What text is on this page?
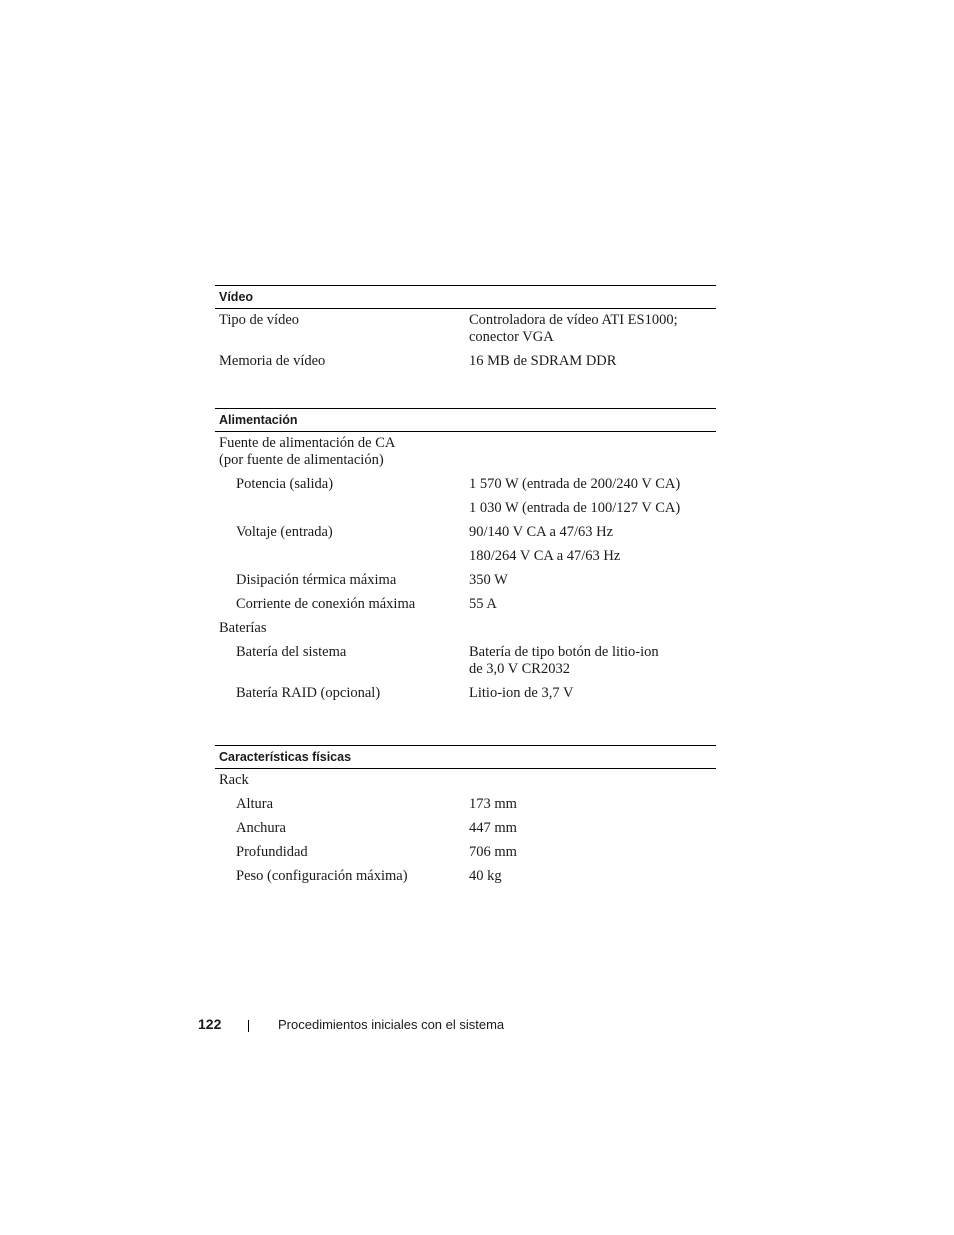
Vídeo
Tipo de vídeo	Controladora de vídeo ATI ES1000;
conector VGA
Memoria de vídeo	16 MB de SDRAM DDR
Alimentación
Fuente de alimentación de CA
(por fuente de alimentación)
Potencia (salida)	1 570 W (entrada de 200/240 V CA)
1 030 W (entrada de 100/127 V CA)
Voltaje (entrada)	90/140 V CA a 47/63 Hz
180/264 V CA a 47/63 Hz
Disipación térmica máxima	350 W
Corriente de conexión máxima	55 A
Baterías
Batería del sistema	Batería de tipo botón de litio-ion
de 3,0 V CR2032
Batería RAID (opcional)	Litio-ion de 3,7 V
Características físicas
Rack
Altura	173 mm
Anchura	447 mm
Profundidad	706 mm
Peso (configuración máxima)	40 kg
122	Procedimientos iniciales con el sistema
